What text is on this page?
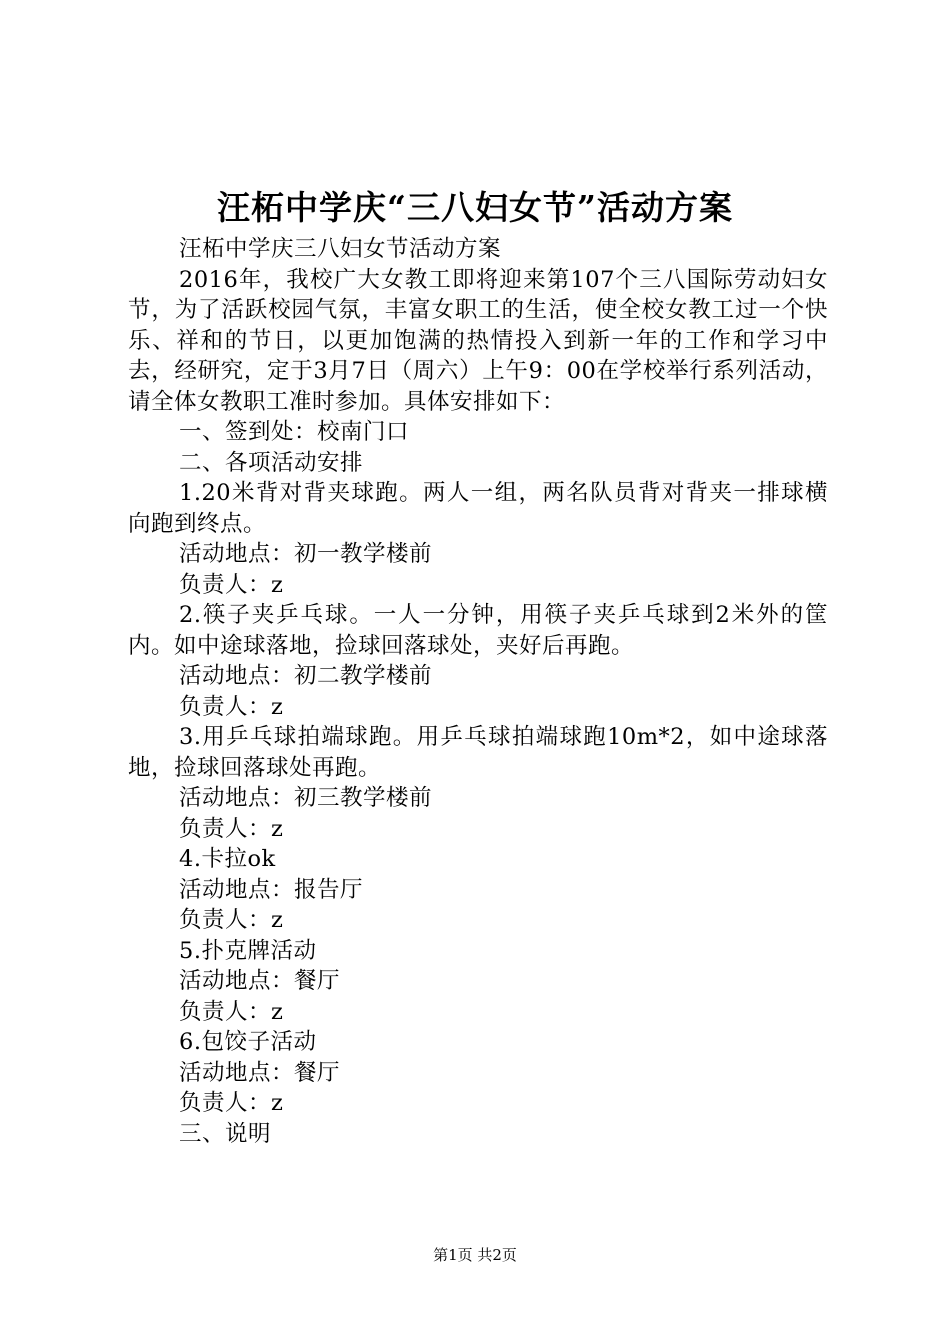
汪柘中学庆“三八妇女节”活动方案

汪柘中学庆三八妇女节活动方案

2016年，我校广大女教工即将迎来第107个三八国际劳动妇女节，为了活跃校园气氛，丰富女职工的生活，使全校女教工过一个快乐、祥和的节日，以更加饱满的热情投入到新一年的工作和学习中去，经研究，定于3月7日（周六）上午9：00在学校举行系列活动，请全体女教职工准时参加。具体安排如下：

一、签到处：校南门口

二、各项活动安排

1.20米背对背夹球跑。两人一组，两名队员背对背夹一排球横向跑到终点。

活动地点：初一教学楼前

负责人：z

2.筷子夹乒乓球。一人一分钟，用筷子夹乒乓球到2米外的筐内。如中途球落地，捡球回落球处，夹好后再跑。

活动地点：初二教学楼前

负责人：z

3.用乒乓球拍端球跑。用乒乓球拍端球跑10m*2，如中途球落地，捡球回落球处再跑。

活动地点：初三教学楼前

负责人：z

4.卡拉ok

活动地点：报告厅

负责人：z

5.扑克牌活动

活动地点：餐厅

负责人：z

6.包饺子活动

活动地点：餐厅

负责人：z

三、说明

第1页 共2页
